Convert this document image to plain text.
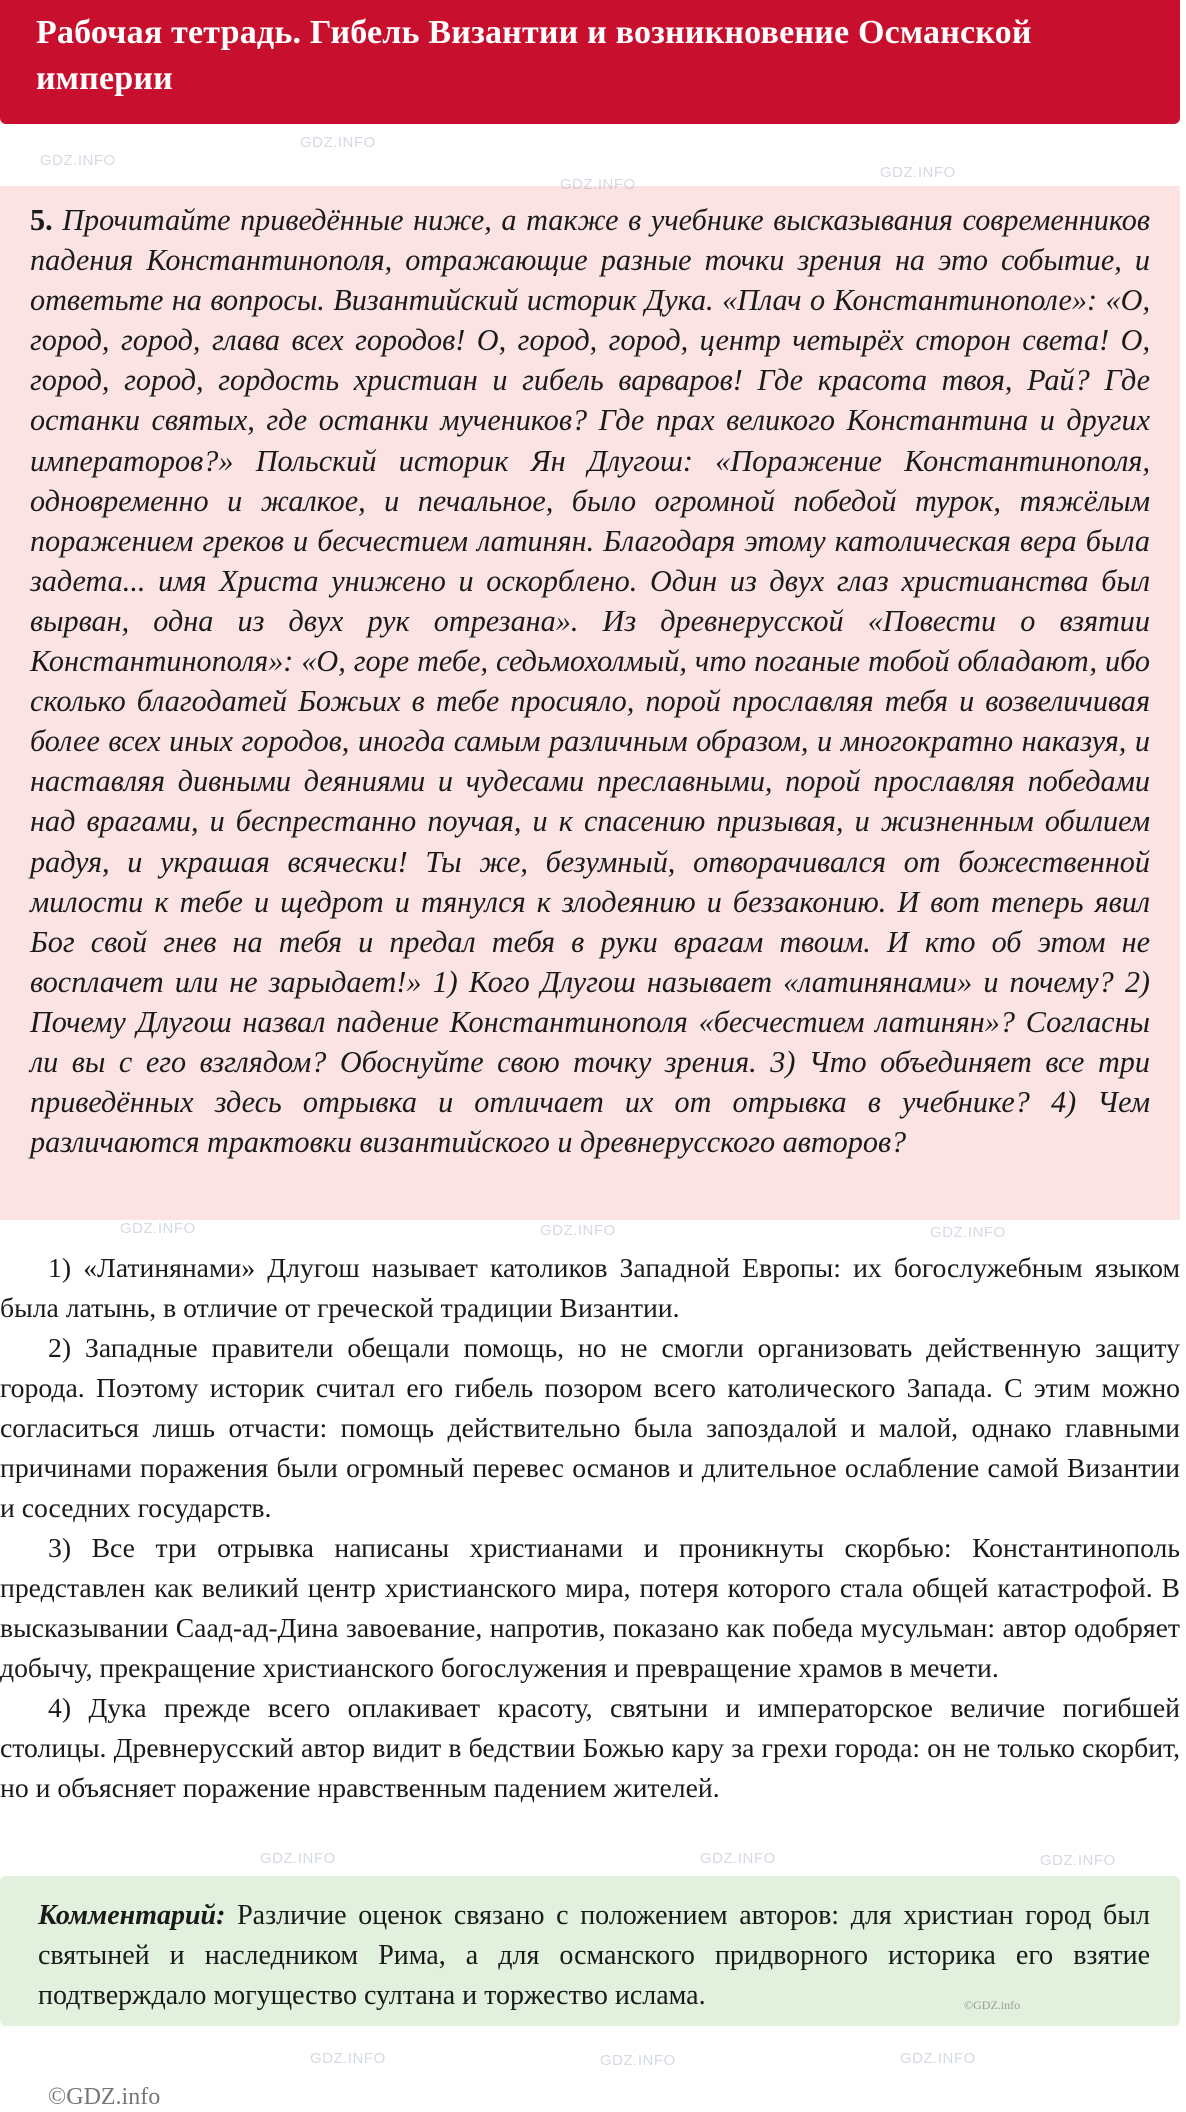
Рабочая тетрадь. Гибель Византии и возникновение Османской империи

5. Прочитайте приведённые ниже, а также в учебнике высказывания современников падения Константинополя, отражающие разные точки зрения на это событие, и ответьте на вопросы. Византийский историк Дука. «Плач о Константинополе»: «О, город, город, глава всех городов! О, город, город, центр четырёх сторон света! О, город, город, гордость христиан и гибель варваров! Где красота твоя, Рай? Где останки святых, где останки мучеников? Где прах великого Константина и других императоров?» Польский историк Ян Длугош: «Поражение Константинополя, одновременно и жалкое, и печальное, было огромной победой турок, тяжёлым поражением греков и бесчестием латинян. Благодаря этому католическая вера была задета... имя Христа унижено и оскорблено. Один из двух глаз христианства был вырван, одна из двух рук отрезана». Из древнерусской «Повести о взятии Константинополя»: «О, горе тебе, седьмохолмый, что поганые тобой обладают, ибо сколько благодатей Божьих в тебе просияло, порой прославляя тебя и возвеличивая более всех иных городов, иногда самым различным образом, и многократно наказуя, и наставляя дивными деяниями и чудесами преславными, порой прославляя победами над врагами, и беспрестанно поучая, и к спасению призывая, и жизненным обилием радуя, и украшая всячески! Ты же, безумный, отворачивался от божественной милости к тебе и щедрот и тянулся к злодеянию и беззаконию. И вот теперь явил Бог свой гнев на тебя и предал тебя в руки врагам твоим. И кто об этом не восплачет или не зарыдает!» 1) Кого Длугош называет «латинянами» и почему? 2) Почему Длугош назвал падение Константинополя «бесчестием латинян»? Согласны ли вы с его взглядом? Обоснуйте свою точку зрения. 3) Что объединяет все три приведённых здесь отрывка и отличает их от отрывка в учебнике? 4) Чем различаются трактовки византийского и древнерусского авторов?

1) «Латинянами» Длугош называет католиков Западной Европы: их богослужебным языком была латынь, в отличие от греческой традиции Византии.

2) Западные правители обещали помощь, но не смогли организовать действенную защиту города. Поэтому историк считал его гибель позором всего католического Запада. С этим можно согласиться лишь отчасти: помощь действительно была запоздалой и малой, однако главными причинами поражения были огромный перевес османов и длительное ослабление самой Византии и соседних государств.

3) Все три отрывка написаны христианами и проникнуты скорбью: Константинополь представлен как великий центр христианского мира, потеря которого стала общей катастрофой. В высказывании Саад-ад-Дина завоевание, напротив, показано как победа мусульман: автор одобряет добычу, прекращение христианского богослужения и превращение храмов в мечети.

4) Дука прежде всего оплакивает красоту, святыни и императорское величие погибшей столицы. Древнерусский автор видит в бедствии Божью кару за грехи города: он не только скорбит, но и объясняет поражение нравственным падением жителей.

Комментарий: Различие оценок связано с положением авторов: для христиан город был святыней и наследником Рима, а для османского придворного историка его взятие подтверждало могущество султана и торжество ислама.	©GDZ.info
©GDZ.info
GDZ.INFO
GDZ.INFO
GDZ.INFO
GDZ.INFO
GDZ.INFO	GDZ.INFO	GDZ.INFO
GDZ.INFO	GDZ.INFO	GDZ.INFO
GDZ.INFO	GDZ.INFO	GDZ.INFO
